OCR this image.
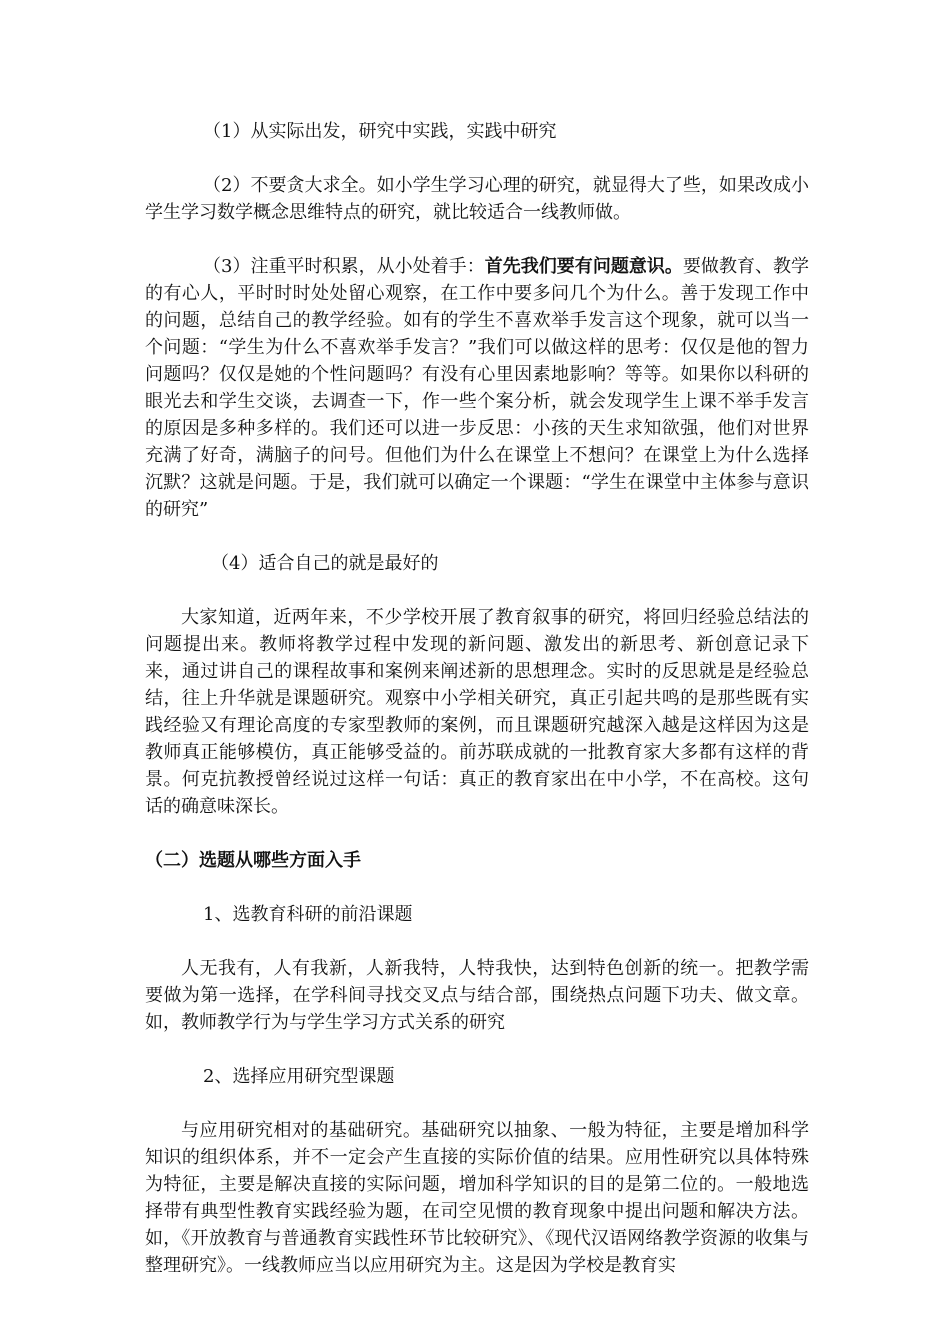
（1）从实际出发，研究中实践，实践中研究

（2）不要贪大求全。如小学生学习心理的研究，就显得大了些，如果改成小学生学习数学概念思维特点的研究，就比较适合一线教师做。

（3）注重平时积累，从小处着手：首先我们要有问题意识。要做教育、教学的有心人，平时时时处处留心观察，在工作中要多问几个为什么。善于发现工作中的问题，总结自己的教学经验。如有的学生不喜欢举手发言这个现象，就可以当一个问题：“学生为什么不喜欢举手发言？”我们可以做这样的思考：仅仅是他的智力问题吗？仅仅是她的个性问题吗？有没有心里因素地影响？等等。如果你以科研的眼光去和学生交谈，去调查一下，作一些个案分析，就会发现学生上课不举手发言的原因是多种多样的。我们还可以进一步反思：小孩的天生求知欲强，他们对世界充满了好奇，满脑子的问号。但他们为什么在课堂上不想问？在课堂上为什么选择沉默？这就是问题。于是，我们就可以确定一个课题：“学生在课堂中主体参与意识的研究”

（4）适合自己的就是最好的

大家知道，近两年来，不少学校开展了教育叙事的研究，将回归经验总结法的问题提出来。教师将教学过程中发现的新问题、激发出的新思考、新创意记录下来，通过讲自己的课程故事和案例来阐述新的思想理念。实时的反思就是是经验总结，往上升华就是课题研究。观察中小学相关研究，真正引起共鸣的是那些既有实践经验又有理论高度的专家型教师的案例，而且课题研究越深入越是这样因为这是教师真正能够模仿，真正能够受益的。前苏联成就的一批教育家大多都有这样的背景。何克抗教授曾经说过这样一句话：真正的教育家出在中小学，不在高校。这句话的确意味深长。

（二）选题从哪些方面入手

1、选教育科研的前沿课题

人无我有，人有我新，人新我特，人特我快，达到特色创新的统一。把教学需要做为第一选择，在学科间寻找交叉点与结合部，围绕热点问题下功夫、做文章。如，教师教学行为与学生学习方式关系的研究

2、选择应用研究型课题

与应用研究相对的基础研究。基础研究以抽象、一般为特征，主要是增加科学知识的组织体系，并不一定会产生直接的实际价值的结果。应用性研究以具体特殊为特征，主要是解决直接的实际问题，增加科学知识的目的是第二位的。一般地选择带有典型性教育实践经验为题，在司空见惯的教育现象中提出问题和解决方法。如，《开放教育与普通教育实践性环节比较研究》、《现代汉语网络教学资源的收集与整理研究》。一线教师应当以应用研究为主。这是因为学校是教育实
